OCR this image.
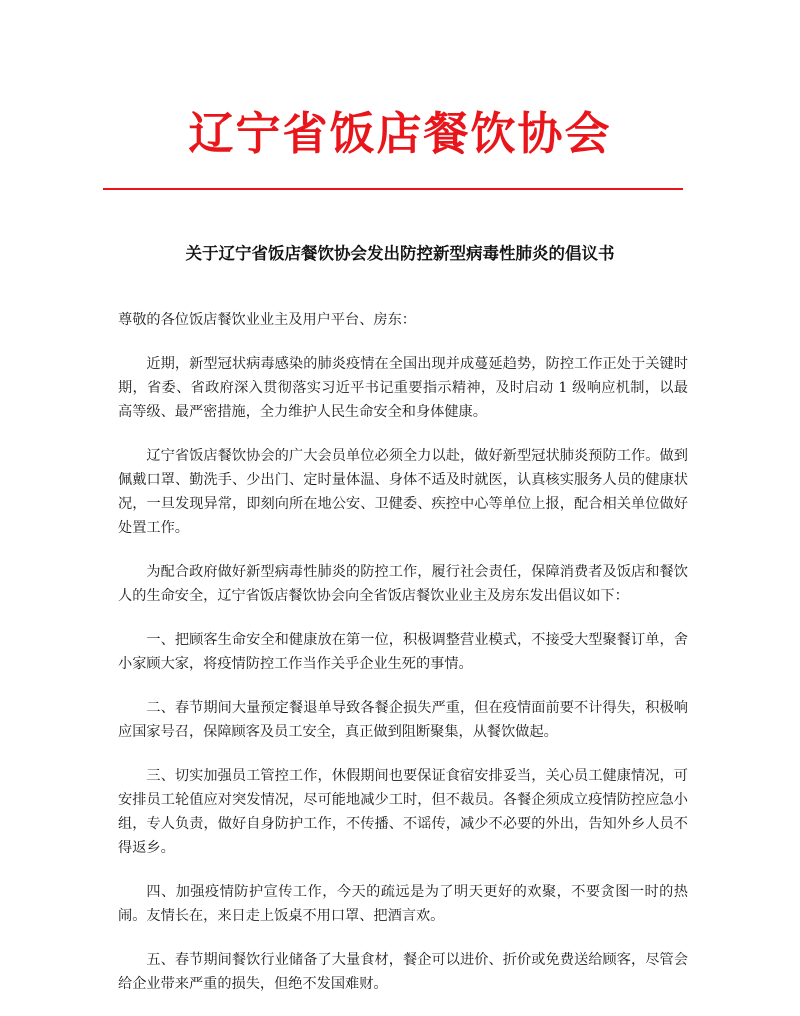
辽宁省饭店餐饮协会
关于辽宁省饭店餐饮协会发出防控新型病毒性肺炎的倡议书

尊敬的各位饭店餐饮业业主及用户平台、房东：

近期，新型冠状病毒感染的肺炎疫情在全国出现并成蔓延趋势，防控工作正处于关键时期，省委、省政府深入贯彻落实习近平书记重要指示精神，及时启动 1 级响应机制，以最高等级、最严密措施，全力维护人民生命安全和身体健康。

辽宁省饭店餐饮协会的广大会员单位必须全力以赴，做好新型冠状肺炎预防工作。做到佩戴口罩、勤洗手、少出门、定时量体温、身体不适及时就医，认真核实服务人员的健康状况，一旦发现异常，即刻向所在地公安、卫健委、疾控中心等单位上报，配合相关单位做好处置工作。

为配合政府做好新型病毒性肺炎的防控工作，履行社会责任，保障消费者及饭店和餐饮人的生命安全，辽宁省饭店餐饮协会向全省饭店餐饮业业主及房东发出倡议如下：

一、把顾客生命安全和健康放在第一位，积极调整营业模式，不接受大型聚餐订单，舍小家顾大家，将疫情防控工作当作关乎企业生死的事情。

二、春节期间大量预定餐退单导致各餐企损失严重，但在疫情面前要不计得失，积极响应国家号召，保障顾客及员工安全，真正做到阻断聚集，从餐饮做起。

三、切实加强员工管控工作，休假期间也要保证食宿安排妥当，关心员工健康情况，可安排员工轮值应对突发情况，尽可能地减少工时，但不裁员。各餐企须成立疫情防控应急小组，专人负责，做好自身防护工作，不传播、不谣传，减少不必要的外出，告知外乡人员不得返乡。

四、加强疫情防护宣传工作，今天的疏远是为了明天更好的欢聚，不要贪图一时的热闹。友情长在，来日走上饭桌不用口罩、把酒言欢。

五、春节期间餐饮行业储备了大量食材，餐企可以进价、折价或免费送给顾客，尽管会给企业带来严重的损失，但绝不发国难财。
